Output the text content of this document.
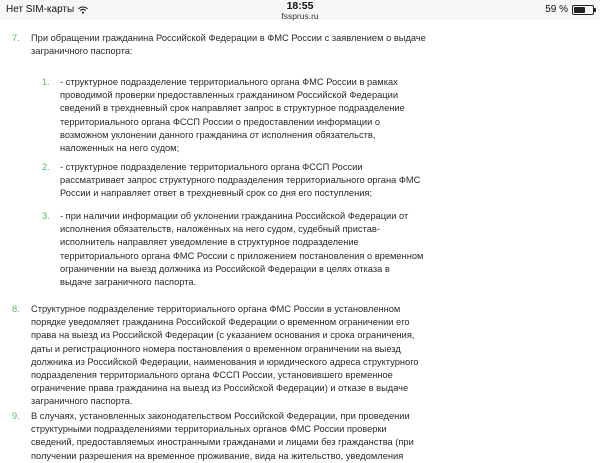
Нет SIM-карты	18:55
fssprus.ru
59 %
7. При обращении гражданина Российской Федерации в ФМС России с заявлением о выдаче
заграничного паспорта:
1. - структурное подразделение территориального органа ФМС России в рамках
проводимой проверки предоставленных гражданином Российской Федерации
сведений в трехдневный срок направляет запрос в структурное подразделение
территориального органа ФССП России о предоставлении информации о
возможном уклонении данного гражданина от исполнения обязательств,
наложенных на него судом;
2. - структурное подразделение территориального органа ФССП России
рассматривает запрос структурного подразделения территориального органа ФМС
России и направляет ответ в трехдневный срок со дня его поступления;
3. - при наличии информации об уклонении гражданина Российской Федерации от
исполнения обязательств, наложенных на него судом, судебный пристав-
исполнитель направляет уведомление в структурное подразделение
территориального органа ФМС России с приложением постановления о временном
ограничении на выезд должника из Российской Федерации в целях отказа в
выдаче заграничного паспорта.
8. Структурное подразделение территориального органа ФМС России в установленном
порядке уведомляет гражданина Российской Федерации о временном ограничении его
права на выезд из Российской Федерации (с указанием основания и срока ограничения,
даты и регистрационного номера постановления о временном ограничении на выезд
должника из Российской Федерации, наименования и юридического адреса структурного
подразделения территориального органа ФССП России, установившего временное
ограничение права гражданина на выезд из Российской Федерации) и отказе в выдаче
заграничного паспорта.
9. В случаях, установленных законодательством Российской Федерации, при проведении
структурными подразделениями территориальных органов ФМС России проверки
сведений, предоставляемых иностранными гражданами и лицами без гражданства (при
получении разрешения на временное проживание, вида на жительство, уведомления
